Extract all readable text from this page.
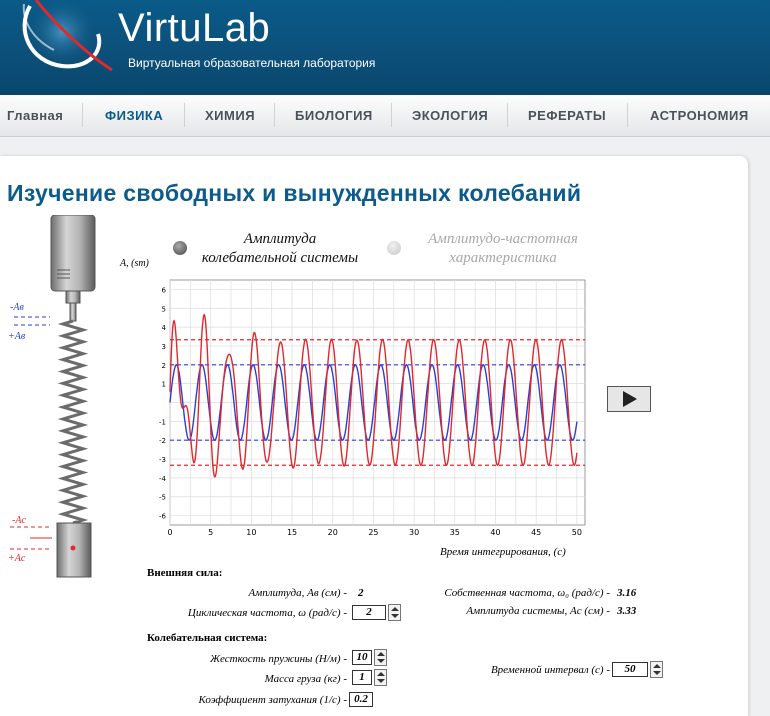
VirtuLab
Виртуальная образовательная лаборатория
Главная	ФИЗИКА	ХИМИЯ	БИОЛОГИЯ	ЭКОЛОГИЯ	РЕФЕРАТЫ	АСТРОНОМИЯ
Изучение свободных и вынужденных колебаний
-Aв
+Aв
-Ac
+Ac
Амплитуда
колебательной системы
Амплитудо-частотная
характеристика
A, (sm)
0	5	10	15	20	25	30	35	40	45	50
-6
-5
-4
-3
-2
-1
1
2
3
4
5
6
Время интегрирования, (с)
Внешняя сила:
Амплитуда, Aв (см) - 2
Циклическая частота, ω (рад/с) -	2
Собственная частота, ω₀ (рад/с) - 3.16
Амплитуда системы, Ac (см) - 3.33
Колебательная система:
Жесткость пружины (Н/м) - 10
Масса груза (кг) -	1
Коэффициент затухания (1/с) - 0.2
Временной интервал (с) -	50
